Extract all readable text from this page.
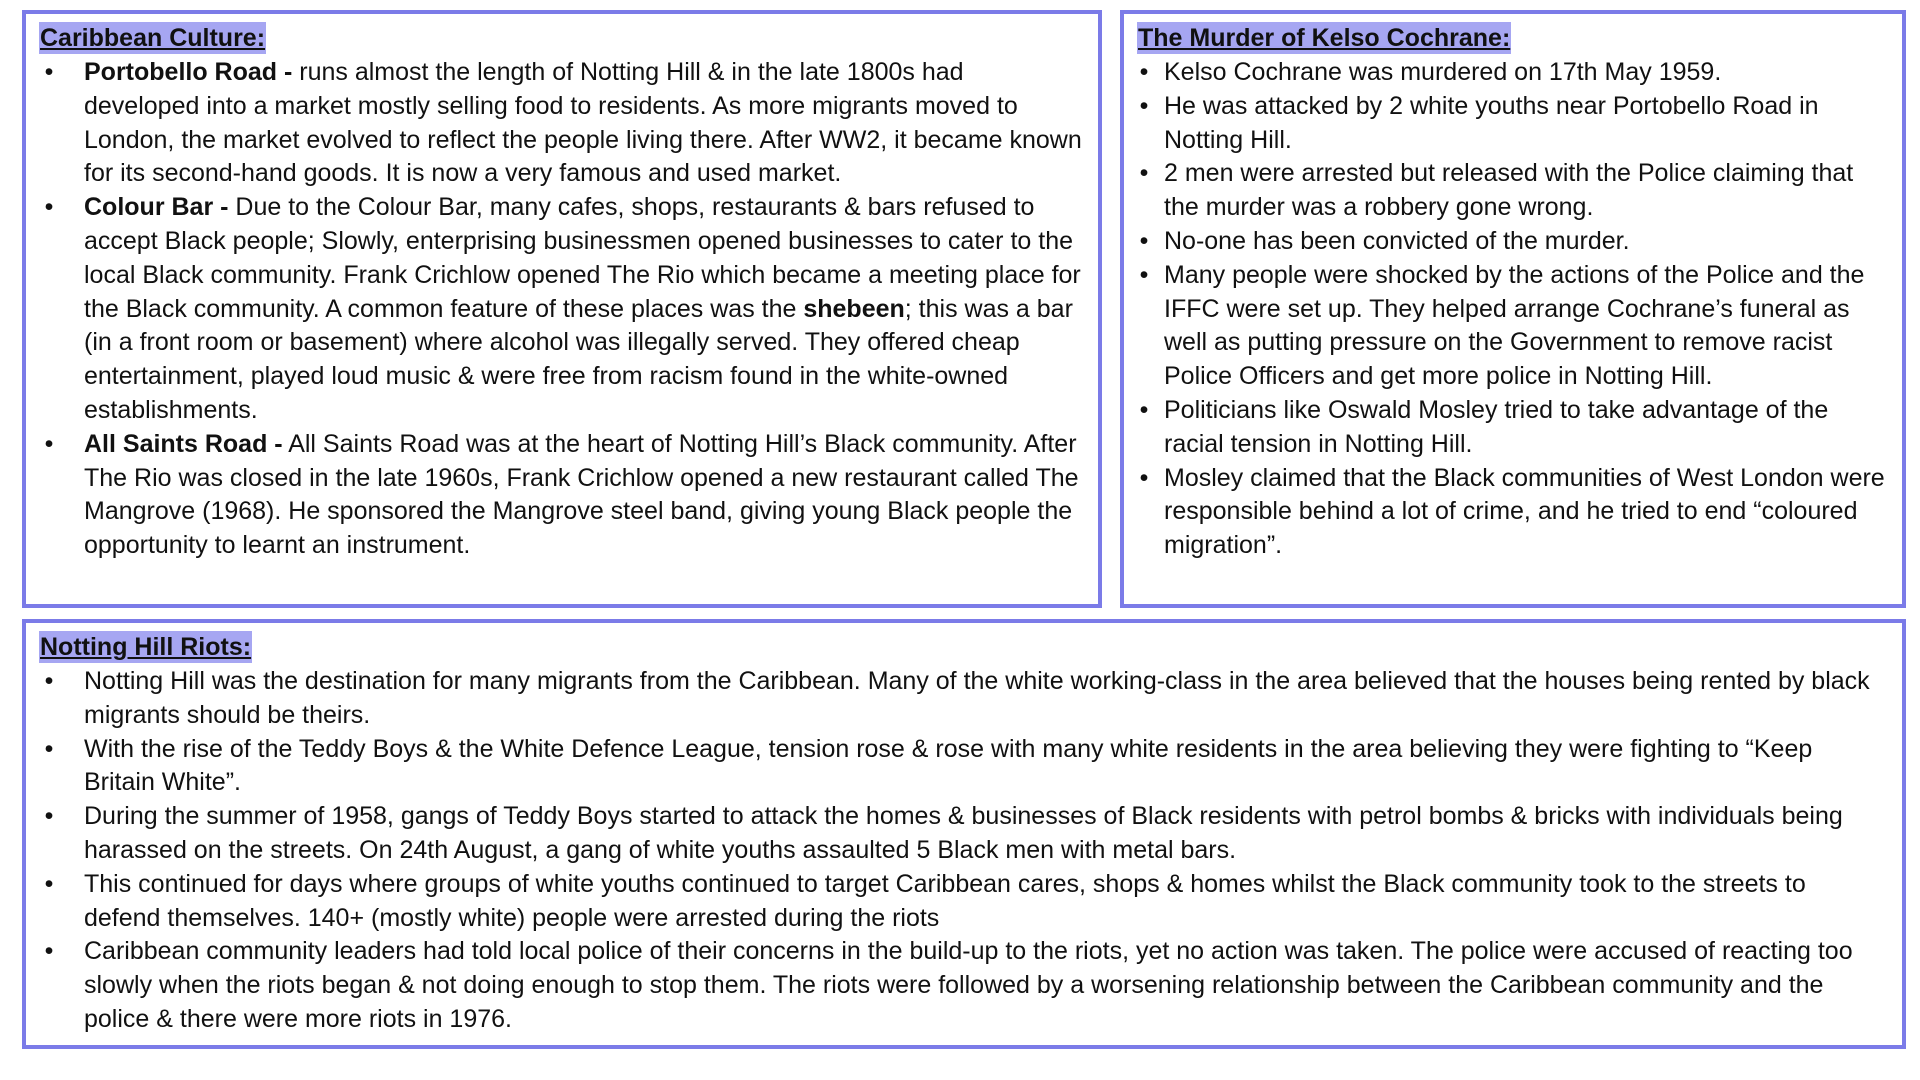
Caribbean Culture:
• Portobello Road - runs almost the length of Notting Hill & in the late 1800s had developed into a market mostly selling food to residents. As more migrants moved to London, the market evolved to reflect the people living there. After WW2, it became known for its second-hand goods. It is now a very famous and used market.
• Colour Bar - Due to the Colour Bar, many cafes, shops, restaurants & bars refused to accept Black people; Slowly, enterprising businessmen opened businesses to cater to the local Black community. Frank Crichlow opened The Rio which became a meeting place for the Black community. A common feature of these places was the shebeen; this was a bar (in a front room or basement) where alcohol was illegally served. They offered cheap entertainment, played loud music & were free from racism found in the white-owned establishments.
• All Saints Road - All Saints Road was at the heart of Notting Hill’s Black community. After The Rio was closed in the late 1960s, Frank Crichlow opened a new restaurant called The Mangrove (1968). He sponsored the Mangrove steel band, giving young Black people the opportunity to learnt an instrument.
The Murder of Kelso Cochrane:
• Kelso Cochrane was murdered on 17th May 1959.
• He was attacked by 2 white youths near Portobello Road in Notting Hill.
• 2 men were arrested but released with the Police claiming that the murder was a robbery gone wrong.
• No-one has been convicted of the murder.
• Many people were shocked by the actions of the Police and the IFFC were set up. They helped arrange Cochrane’s funeral as well as putting pressure on the Government to remove racist Police Officers and get more police in Notting Hill.
• Politicians like Oswald Mosley tried to take advantage of the racial tension in Notting Hill.
• Mosley claimed that the Black communities of West London were responsible behind a lot of crime, and he tried to end “coloured migration”.
Notting Hill Riots:
• Notting Hill was the destination for many migrants from the Caribbean. Many of the white working-class in the area believed that the houses being rented by black migrants should be theirs.
• With the rise of the Teddy Boys & the White Defence League, tension rose & rose with many white residents in the area believing they were fighting to “Keep Britain White”.
• During the summer of 1958, gangs of Teddy Boys started to attack the homes & businesses of Black residents with petrol bombs & bricks with individuals being harassed on the streets. On 24th August, a gang of white youths assaulted 5 Black men with metal bars.
• This continued for days where groups of white youths continued to target Caribbean cares, shops & homes whilst the Black community took to the streets to defend themselves. 140+ (mostly white) people were arrested during the riots
• Caribbean community leaders had told local police of their concerns in the build-up to the riots, yet no action was taken. The police were accused of reacting too slowly when the riots began & not doing enough to stop them. The riots were followed by a worsening relationship between the Caribbean community and the police & there were more riots in 1976.
